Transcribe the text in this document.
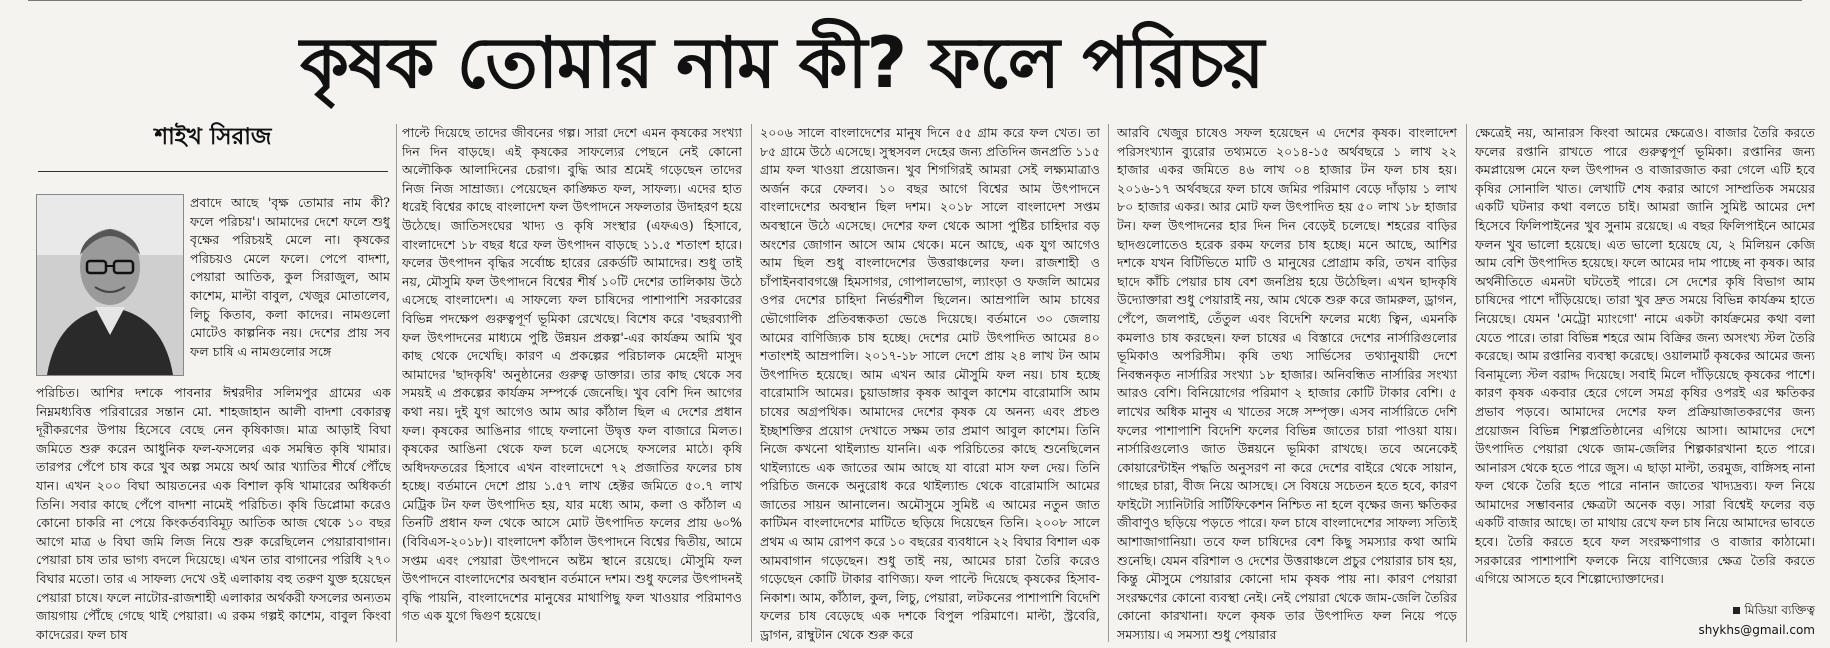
কৃষক তোমার নাম কী? ফলে পরিচয়
শাইখ সিরাজ
প্রবাদে আছে 'বৃক্ষ তোমার নাম কী? ফলে পরিচয়'। আমাদের দেশে ফলে শুধু বৃক্ষের পরিচয়ই মেলে না। কৃষকের পরিচয়ও মেলে ফলে। পেপে বাদশা, পেয়ারা আতিক, কুল সিরাজুল, আম কাশেম, মাল্টা বাবুল, খেজুর মোতালেব, লিচু কিতাব, কলা কাদের। নামগুলো মোটেও কাল্পনিক নয়। দেশের প্রায় সব ফল চাষি এ নামগুলোর সঙ্গে
পরিচিত। আশির দশকে পাবনার ঈশ্বরদীর সলিমপুর গ্রামের এক নিম্নমধ্যবিত্ত পরিবারের সন্তান মো. শাহজাহান আলী বাদশা বেকারত্ব দূরীকরণের উপায় হিসেবে বেছে নেন কৃষিকাজ। মাত্র আড়াই বিঘা জমিতে শুরু করেন আধুনিক ফল-ফসলের এক সমন্বিত কৃষি খামার। তারপর পেঁপে চাষ করে খুব অল্প সময়ে অর্থ আর খ্যাতির শীর্ষে পৌঁছে যান। এখন ২০০ বিঘা আয়তনের এক বিশাল কৃষি খামারের অধিকর্তা তিনি। সবার কাছে পেঁপে বাদশা নামেই পরিচিত। কৃষি ডিপ্লোমা করেও কোনো চাকরি না পেয়ে কিংকর্তব্যবিমূঢ় আতিক আজ থেকে ১০ বছর আগে মাত্র ৬ বিঘা জমি লিজ নিয়ে শুরু করেছিলেন পেয়ারাবাগান। পেয়ারা চাষ তার ভাগ্য বদলে দিয়েছে। এখন তার বাগানের পরিধি ২৭০ বিঘার মতো। তার এ সাফল্য দেখে ওই এলাকায় বহু তরুণ যুক্ত হয়েছেন পেয়ারা চাষে। ফলে নাটোর-রাজশাহী এলাকার অর্থকরী ফসলের অন্যতম জায়গায় পৌঁছে গেছে থাই পেয়ারা। এ রকম গল্পই কাশেম, বাবুল কিংবা কাদেরের। ফল চাষ
পাল্টে দিয়েছে তাদের জীবনের গল্প। সারা দেশে এমন কৃষকের সংখ্যা দিন দিন বাড়ছে। এই কৃষকের সাফল্যের পেছনে নেই কোনো অলৌকিক আলাদিনের চেরাগ। বুদ্ধি আর শ্রমেই গড়েছেন তাদের নিজ নিজ সাম্রাজ্য। পেয়েছেন কাঙ্ক্ষিত ফল, সাফল্য। এদের হাত ধরেই বিশ্বের কাছে বাংলাদেশ ফল উৎপাদনে সফলতার উদাহরণ হয়ে উঠেছে। জাতিসংঘের খাদ্য ও কৃষি সংস্থার (এফএও) হিসাবে, বাংলাদেশে ১৮ বছর ধরে ফল উৎপাদন বাড়ছে ১১.৫ শতাংশ হারে। ফলের উৎপাদন বৃদ্ধির সর্বোচ্চ হারের রেকর্ডটি আমাদের। শুধু তাই নয়, মৌসুমি ফল উৎপাদনে বিশ্বের শীর্ষ ১০টি দেশের তালিকায় উঠে এসেছে বাংলাদেশ। এ সাফল্যে ফল চাষিদের পাশাপাশি সরকারের বিভিন্ন পদক্ষেপ গুরুত্বপূর্ণ ভূমিকা রেখেছে। বিশেষ করে 'বছরব্যাপী ফল উৎপাদনের মাধ্যমে পুষ্টি উন্নয়ন প্রকল্প'-এর কার্যক্রম আমি খুব কাছ থেকে দেখেছি। কারণ এ প্রকল্পের পরিচালক মেহেদী মাসুদ আমাদের 'ছাদকৃষি' অনুষ্ঠানের গুরুত্ব ডাক্তার। তার কাছ থেকে সব সময়ই এ প্রকল্পের কার্যক্রম সম্পর্কে জেনেছি। খুব বেশি দিন আগের কথা নয়। দুই যুগ আগেও আম আর কাঁঠাল ছিল এ দেশের প্রধান ফল। কৃষকের আঙিনার গাছে ফলানো উদ্বৃত্ত ফল বাজারে মিলত। কৃষকের আঙিনা থেকে ফল চলে এসেছে ফসলের মাঠে। কৃষি অধিদফতরের হিসাবে এখন বাংলাদেশে ৭২ প্রজাতির ফলের চাষ হচ্ছে। বর্তমানে দেশে প্রায় ১.৫৭ লাখ হেক্টর জমিতে ৫০.৭ লাখ মেট্রিক টন ফল উৎপাদিত হয়, যার মধ্যে আম, কলা ও কাঁঠাল এ তিনটি প্রধান ফল থেকে আসে মোট উৎপাদিত ফলের প্রায় ৬০% (বিবিএস-২০১৮)। বাংলাদেশ কাঁঠাল উৎপাদনে বিশ্বের দ্বিতীয়, আমে সপ্তম এবং পেয়ারা উৎপাদনে অষ্টম স্থানে রয়েছে। মৌসুমি ফল উৎপাদনে বাংলাদেশের অবস্থান বর্তমানে দশম। শুধু ফলের উৎপাদনই বৃদ্ধি পায়নি, বাংলাদেশের মানুষের মাথাপিছু ফল খাওয়ার পরিমাণও গত এক যুগে দ্বিগুণ হয়েছে।
২০০৬ সালে বাংলাদেশের মানুষ দিনে ৫৫ গ্রাম করে ফল খেত। তা ৮৫ গ্রামে উঠে এসেছে। সুস্থসবল দেহের জন্য প্রতিদিন জনপ্রতি ১১৫ গ্রাম ফল খাওয়া প্রয়োজন। খুব শিগগিরই আমরা সেই লক্ষ্যমাত্রাও অর্জন করে ফেলব। ১০ বছর আগে বিশ্বের আম উৎপাদনে বাংলাদেশের অবস্থান ছিল দশম। ২০১৮ সালে বাংলাদেশ সপ্তম অবস্থানে উঠে এসেছে। দেশের ফল থেকে আসা পুষ্টির চাহিদার বড় অংশের জোগান আসে আম থেকে। মনে আছে, এক যুগ আগেও আম ছিল শুধু বাংলাদেশের উত্তরাঞ্চলের ফল। রাজশাহী ও চাঁপাইনবাবগঞ্জে হিমসাগর, গোপালভোগ, ল্যাংড়া ও ফজলি আমের ওপর দেশের চাহিদা নির্ভরশীল ছিলেন। আম্রপালি আম চাষের ভৌগোলিক প্রতিবন্ধকতা ভেঙে দিয়েছে। বর্তমানে ৩০ জেলায় আমের বাণিজ্যিক চাষ হচ্ছে। দেশের মোট উৎপাদিত আমের ৪০ শতাংশই আম্রপালি। ২০১৭-১৮ সালে দেশে প্রায় ২৪ লাখ টন আম উৎপাদিত হয়েছে। আম এখন আর মৌসুমি ফল নয়। চাষ হচ্ছে বারোমাসি আমের। চুয়াডাঙ্গার কৃষক আবুল কাশেম বারোমাসি আম চাষের অগ্রপথিক। আমাদের দেশের কৃষক যে অনন্য এবং প্রচণ্ড ইচ্ছাশক্তির প্রয়োগ দেখাতে সক্ষম তার প্রমাণ আবুল কাশেম। তিনি নিজে কখনো থাইল্যান্ড যাননি। এক পরিচিতের কাছে শুনেছিলেন থাইল্যান্ডে এক জাতের আম আছে যা বারো মাস ফল দেয়। তিনি পরিচিত জনকে অনুরোধ করে থাইল্যান্ড থেকে বারোমাসি আমের জাতের সায়ন আনালেন। অমৌসুমে সুমিষ্ট এ আমের নতুন জাত কাটিমন বাংলাদেশের মাটিতে ছড়িয়ে দিয়েছেন তিনি। ২০০৮ সালে প্রথম এ আম রোপণ করে ১০ বছরের ব্যবধানে ২২ বিঘার বিশাল এক আমবাগান গড়েছেন। শুধু তাই নয়, আমের চারা তৈরি করেও গড়েছেন কোটি টাকার বাণিজ্য। ফল পাল্টে দিয়েছে কৃষকের হিসাব-নিকাশ। আম, কাঁঠাল, কুল, লিচু, পেয়ারা, লটকনের পাশাপাশি বিদেশি ফলের চাষ বেড়েছে এক দশকে বিপুল পরিমাণে। মাল্টা, স্ট্রবেরি, ড্রাগন, রাম্বুটান থেকে শুরু করে
আরবি খেজুর চাষেও সফল হয়েছেন এ দেশের কৃষক। বাংলাদেশ পরিসংখ্যান ব্যুরোর তথ্যমতে ২০১৪-১৫ অর্থবছরে ১ লাখ ২২ হাজার একর জমিতে ৪৬ লাখ ০৪ হাজার টন ফল চাষ হয়। ২০১৬-১৭ অর্থবছরে ফল চাষে জমির পরিমাণ বেড়ে দাঁড়ায় ১ লাখ ৮০ হাজার একর। আর মোট ফল উৎপাদিত হয় ৫০ লাখ ১৮ হাজার টন। ফল উৎপাদনের হার দিন দিন বেড়েই চলেছে। শহরের বাড়ির ছাদগুলোতেও হরেক রকম ফলের চাষ হচ্ছে। মনে আছে, আশির দশকে যখন বিটিভিতে মাটি ও মানুষের প্রোগ্রাম করি, তখন বাড়ির ছাদে কাঁচি পেয়ার চাষ বেশ জনপ্রিয় হয়ে উঠেছিল। এখন ছাদকৃষি উদ্যোক্তারা শুধু পেয়ারাই নয়, আম থেকে শুরু করে জামরুল, ড্রাগন, পেঁপে, জলপাই, তেঁতুল এবং বিদেশি ফলের মধ্যে ত্বিন, এমনকি কমলাও চাষ করছেন। ফল চাষের এ বিস্তারে দেশের নার্সারিগুলোর ভূমিকাও অপরিসীম। কৃষি তথ্য সার্ভিসের তথ্যানুযায়ী দেশে নিবন্ধনকৃত নার্সারির সংখ্যা ১৮ হাজার। অনিবন্ধিত নার্সারির সংখ্যা আরও বেশি। বিনিয়োগের পরিমাণ ২ হাজার কোটি টাকার বেশি। ৫ লাখের অধিক মানুষ এ খাতের সঙ্গে সম্পৃক্ত। এসব নার্সারিতে দেশি ফলের পাশাপাশি বিদেশি ফলের বিভিন্ন জাতের চারা পাওয়া যায়। নার্সারিগুলোও জাত উন্নয়নে ভূমিকা রাখছে। তবে অনেকেই কোয়ারেন্টাইন পদ্ধতি অনুসরণ না করে দেশের বাইরে থেকে সায়ান, গাছের চারা, বীজ নিয়ে আসছে। সে বিষয়ে সচেতন হতে হবে, কারণ ফাইটো স্যানিটারি সার্টিফিকেশন নিশ্চিত না হলে বৃক্ষের জন্য ক্ষতিকর জীবাণুও ছড়িয়ে পড়তে পারে। ফল চাষে বাংলাদেশের সাফল্য সত্যিই আশাজাগানিয়া। তবে ফল চাষিদের বেশ কিছু সমস্যার কথা আমি শুনেছি। যেমন বরিশাল ও দেশের উত্তরাঞ্চলে প্রচুর পেয়ারার চাষ হয়, কিন্তু মৌসুমে পেয়ারার কোনো দাম কৃষক পায় না। কারণ পেয়ারা সংরক্ষণের কোনো ব্যবস্থা নেই। নেই পেয়ারা থেকে জাম-জেলি তৈরির কোনো কারখানা। ফলে কৃষক তার উৎপাদিত ফল নিয়ে পড়ে সমস্যায়। এ সমস্যা শুধু পেয়ারার
ক্ষেত্রেই নয়, আনারস কিংবা আমের ক্ষেত্রেও। বাজার তৈরি করতে ফলের রপ্তানি রাখতে পারে গুরুত্বপূর্ণ ভূমিকা। রপ্তানির জন্য কমপ্লায়েন্স মেনে ফল উৎপাদন ও বাজারজাত করা গেলে এটি হবে কৃষির সোনালি খাত। লেখাটি শেষ করার আগে সাম্প্রতিক সময়ের একটি ঘটনার কথা বলতে চাই। আমরা জানি সুমিষ্ট আমের দেশ হিসেবে ফিলিপাইনের খুব সুনাম রয়েছে। এ বছর ফিলিপাইনে আমের ফলন খুব ভালো হয়েছে। এত ভালো হয়েছে যে, ২ মিলিয়ন কেজি আম বেশি উৎপাদিত হয়েছে। ফলে আমের দাম পাচ্ছে না কৃষক। আর অর্থনীতিতে এমনটা ঘটতেই পারে। সে দেশের কৃষি বিভাগ আম চাষিদের পাশে দাঁড়িয়েছে। তারা খুব দ্রুত সময়ে বিভিন্ন কার্যক্রম হাতে নিয়েছে। যেমন 'মেট্রো ম্যাংগো' নামে একটা কার্যক্রমের কথা বলা যেতে পারে। তারা বিভিন্ন শহরে আম বিক্রির জন্য অসংখ্য স্টল তৈরি করেছে। আম রপ্তানির ব্যবস্থা করেছে। ওয়ালমার্ট কৃষকের আমের জন্য বিনামূল্যে স্টল বরাদ্দ দিয়েছে। সবাই মিলে দাঁড়িয়েছে কৃষকের পাশে। কারণ কৃষক একবার হেরে গেলে সমগ্র কৃষির ওপরই এর ক্ষতিকর প্রভাব পড়বে। আমাদের দেশের ফল প্রক্রিয়াজাতকরণের জন্য প্রয়োজন বিভিন্ন শিল্পপ্রতিষ্ঠানের এগিয়ে আসা। আমাদের দেশে উৎপাদিত পেয়ারা থেকে জাম-জেলির শিল্পকারখানা হতে পারে। আনারস থেকে হতে পারে জুস। এ ছাড়া মাল্টা, তরমুজ, বাঙ্গিসহ নানা ফল থেকে তৈরি হতে পারে নানান জাতের খাদ্যদ্রব্য। ফল নিয়ে আমাদের সম্ভাবনার ক্ষেত্রটা অনেক বড়। সারা বিশ্বেই ফলের বড় একটি বাজার আছে। তা মাথায় রেখে ফল চাষ নিয়ে আমাদের ভাবতে হবে। তৈরি করতে হবে ফল সংরক্ষণাগার ও বাজার কাঠামো। সরকারের পাশাপাশি ফলকে নিয়ে বাণিজ্যের ক্ষেত্র তৈরি করতে এগিয়ে আসতে হবে শিল্পোদ্যোক্তাদের।
মিডিয়া ব্যক্তিত্ব
shykhs@gmail.com
